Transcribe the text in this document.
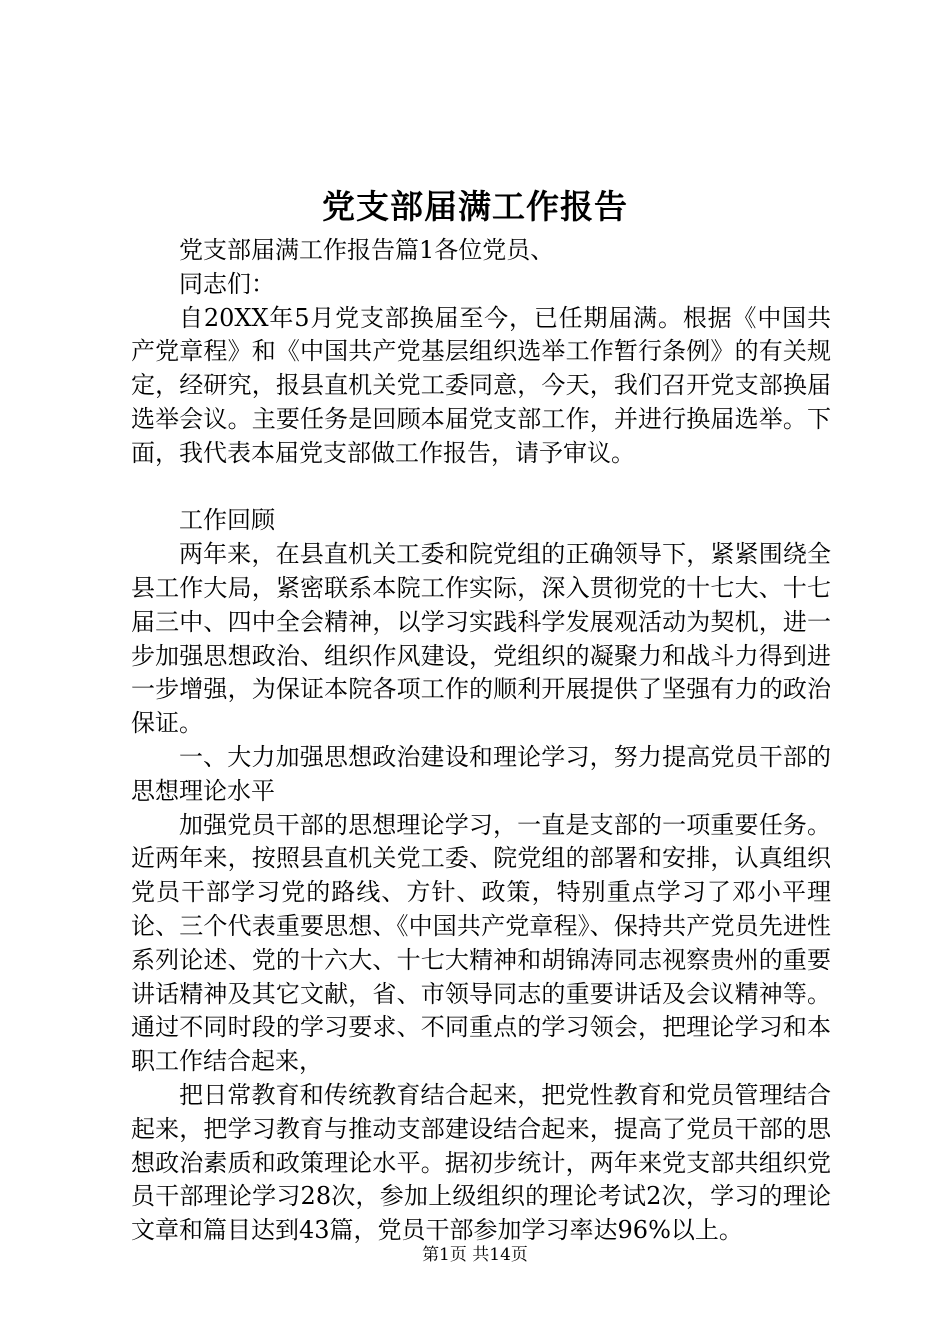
党支部届满工作报告

党支部届满工作报告篇1各位党员、

同志们：

自20XX年5月党支部换届至今，已任期届满。根据《中国共产党章程》和《中国共产党基层组织选举工作暂行条例》的有关规定，经研究，报县直机关党工委同意，今天，我们召开党支部换届选举会议。主要任务是回顾本届党支部工作，并进行换届选举。下面，我代表本届党支部做工作报告，请予审议。

工作回顾

两年来，在县直机关工委和院党组的正确领导下，紧紧围绕全县工作大局，紧密联系本院工作实际，深入贯彻党的十七大、十七届三中、四中全会精神，以学习实践科学发展观活动为契机，进一步加强思想政治、组织作风建设，党组织的凝聚力和战斗力得到进一步增强，为保证本院各项工作的顺利开展提供了坚强有力的政治保证。

一、大力加强思想政治建设和理论学习，努力提高党员干部的思想理论水平

加强党员干部的思想理论学习，一直是支部的一项重要任务。近两年来，按照县直机关党工委、院党组的部署和安排，认真组织党员干部学习党的路线、方针、政策，特别重点学习了邓小平理论、三个代表重要思想、《中国共产党章程》、保持共产党员先进性系列论述、党的十六大、十七大精神和胡锦涛同志视察贵州的重要讲话精神及其它文献，省、市领导同志的重要讲话及会议精神等。通过不同时段的学习要求、不同重点的学习领会，把理论学习和本职工作结合起来，

把日常教育和传统教育结合起来，把党性教育和党员管理结合起来，把学习教育与推动支部建设结合起来，提高了党员干部的思想政治素质和政策理论水平。据初步统计，两年来党支部共组织党员干部理论学习28次，参加上级组织的理论考试2次，学习的理论文章和篇目达到43篇，党员干部参加学习率达96%以上。

第1页 共14页
